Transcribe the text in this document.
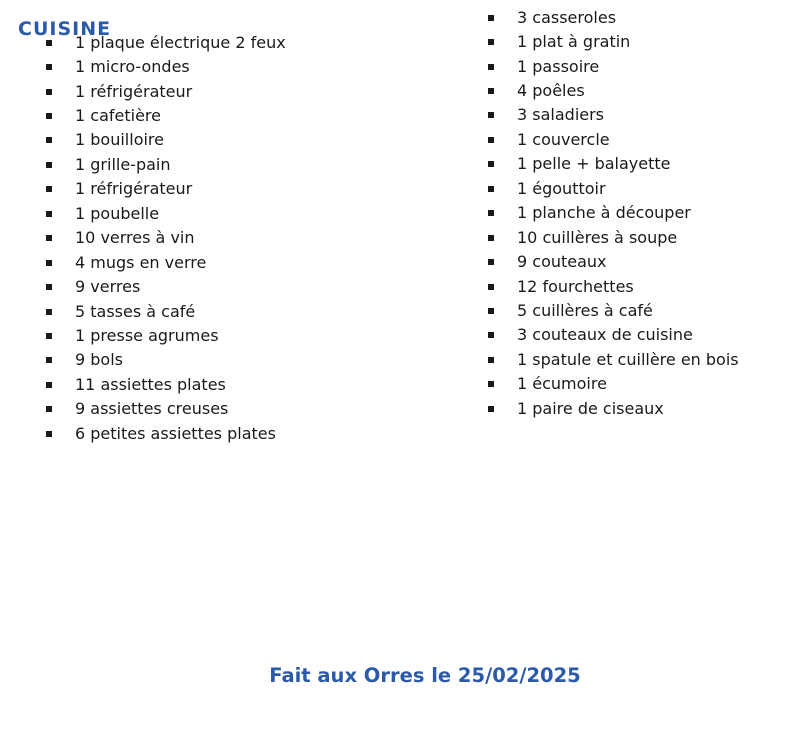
CUISINE
1 plaque électrique 2 feux
1 micro-ondes
1 réfrigérateur
1 cafetière
1 bouilloire
1 grille-pain
1 réfrigérateur
1 poubelle
10 verres à vin
4 mugs en verre
9 verres
5 tasses à café
1 presse agrumes
9 bols
11 assiettes plates
9 assiettes creuses
6 petites assiettes plates
3 casseroles
1 plat à gratin
1 passoire
4 poêles
3 saladiers
1 couvercle
1 pelle + balayette
1 égouttoir
1 planche à découper
10 cuillères à soupe
9 couteaux
12 fourchettes
5 cuillères à café
3 couteaux de cuisine
1 spatule et cuillère en bois
1 écumoire
1 paire de ciseaux
Fait aux Orres le 25/02/2025
